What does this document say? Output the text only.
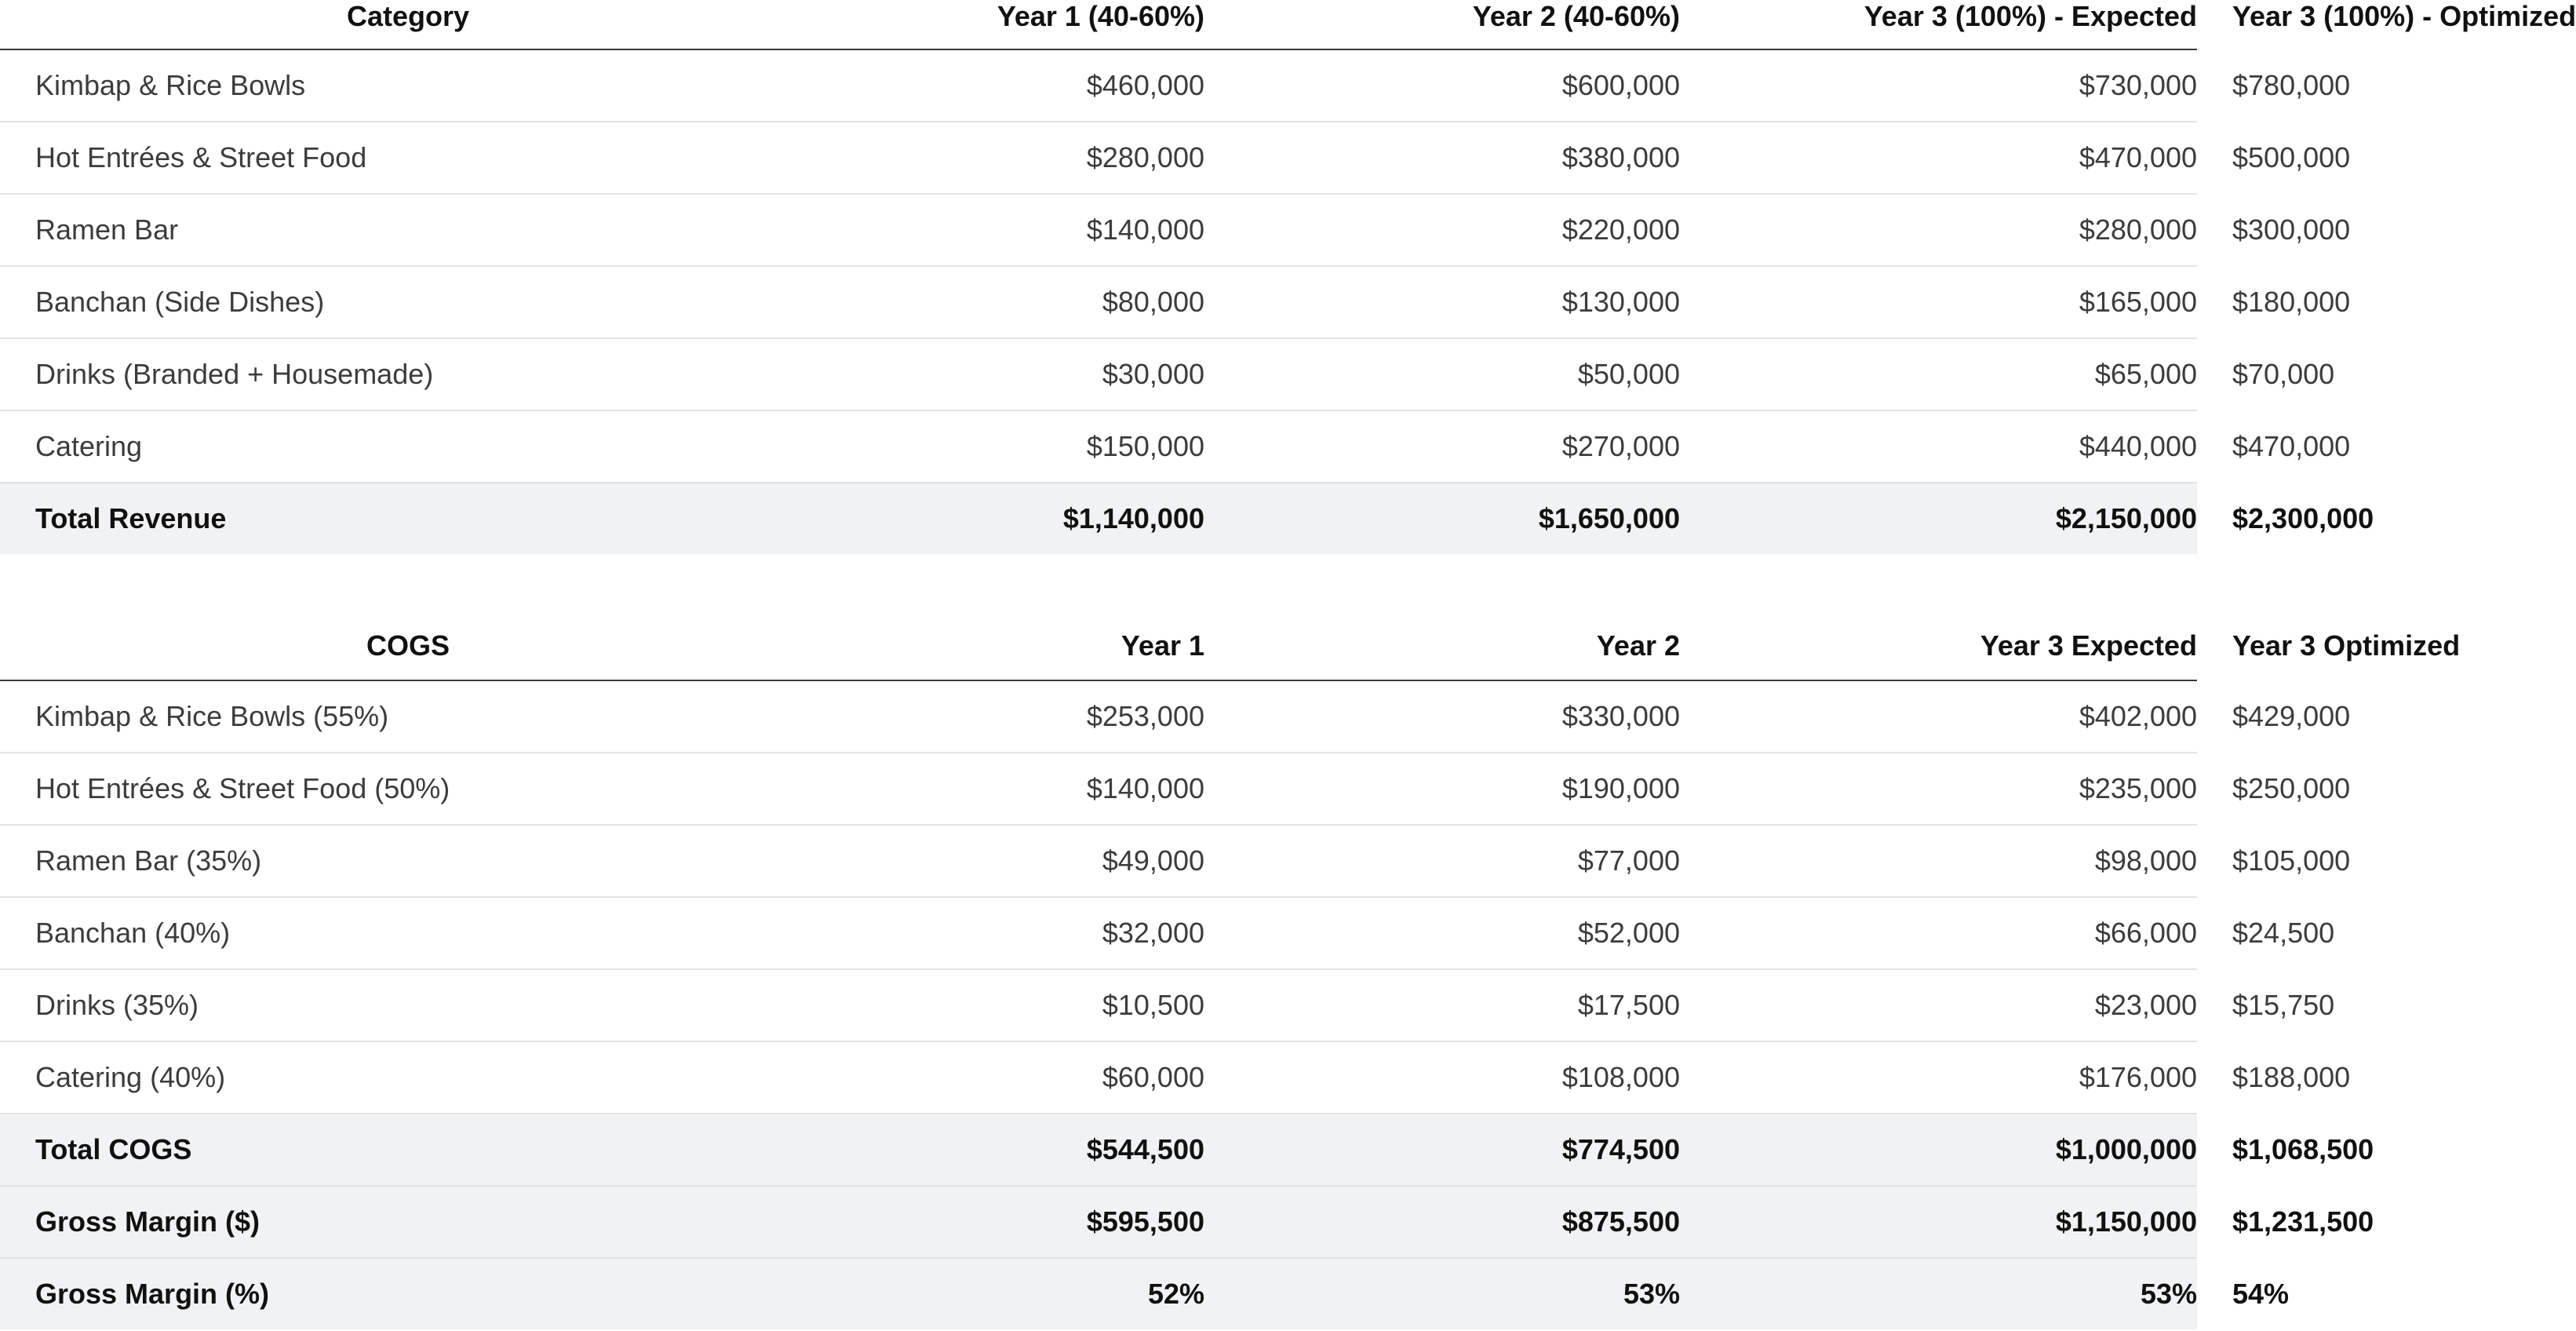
Category	Year 1 (40-60%)	Year 2 (40-60%)	Year 3 (100%) - Expected	Year 3 (100%) - Optimized
Kimbap & Rice Bowls	$460,000	$600,000	$730,000	$780,000
Hot Entrées & Street Food	$280,000	$380,000	$470,000	$500,000
Ramen Bar	$140,000	$220,000	$280,000	$300,000
Banchan (Side Dishes)	$80,000	$130,000	$165,000	$180,000
Drinks (Branded + Housemade)	$30,000	$50,000	$65,000	$70,000
Catering	$150,000	$270,000	$440,000	$470,000
Total Revenue	$1,140,000	$1,650,000	$2,150,000	$2,300,000

COGS	Year 1	Year 2	Year 3 Expected	Year 3 Optimized
Kimbap & Rice Bowls (55%)	$253,000	$330,000	$402,000	$429,000
Hot Entrées & Street Food (50%)	$140,000	$190,000	$235,000	$250,000
Ramen Bar (35%)	$49,000	$77,000	$98,000	$105,000
Banchan (40%)	$32,000	$52,000	$66,000	$24,500
Drinks (35%)	$10,500	$17,500	$23,000	$15,750
Catering (40%)	$60,000	$108,000	$176,000	$188,000
Total COGS	$544,500	$774,500	$1,000,000	$1,068,500
Gross Margin ($)	$595,500	$875,500	$1,150,000	$1,231,500
Gross Margin (%)	52%	53%	53%	54%
